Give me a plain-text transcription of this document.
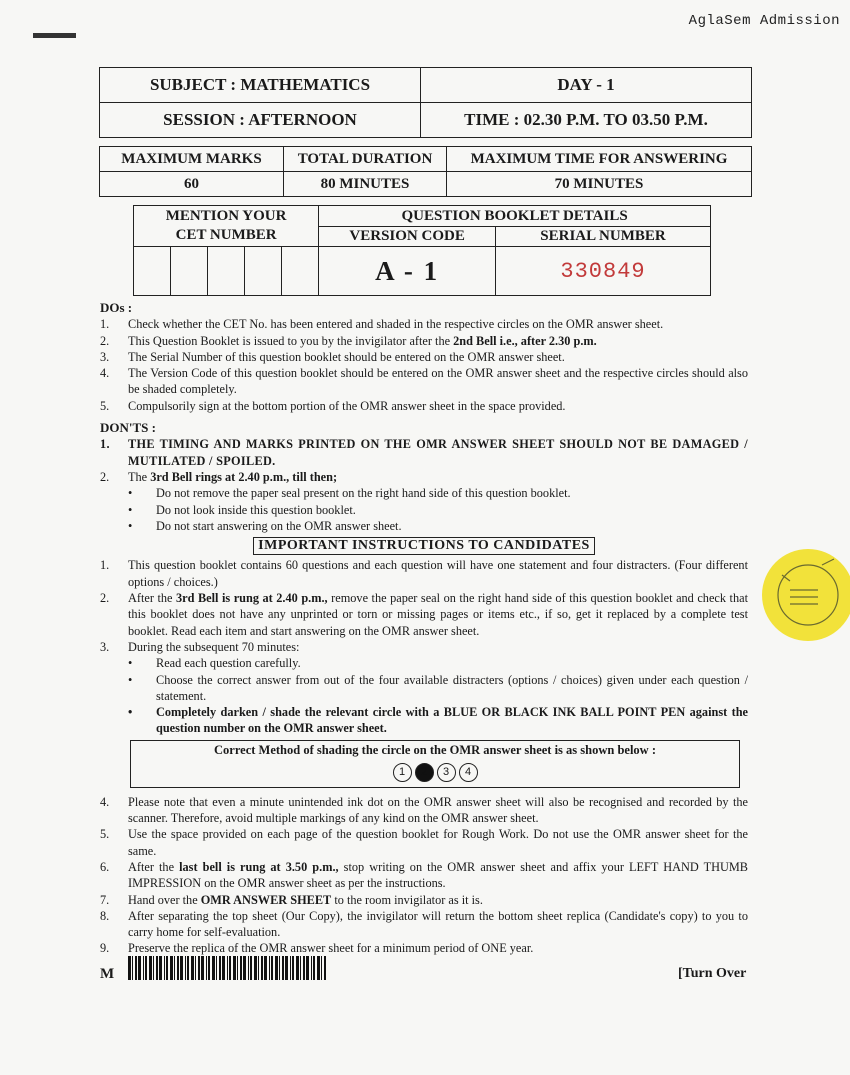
AglaSem Admission
SUBJECT : MATHEMATICS	DAY - 1
SESSION : AFTERNOON	TIME : 02.30 P.M. TO 03.50 P.M.
MAXIMUM MARKS	TOTAL DURATION	MAXIMUM TIME FOR ANSWERING
60	80 MINUTES	70 MINUTES
MENTION YOUR
CET NUMBER					QUESTION BOOKLET DETAILS	
					VERSION CODE	SERIAL NUMBER
					A - 1	330849
DOs :
1. Check whether the CET No. has been entered and shaded in the respective circles on the OMR answer sheet.
2. This Question Booklet is issued to you by the invigilator after the 2nd Bell i.e., after 2.30 p.m.
3. The Serial Number of this question booklet should be entered on the OMR answer sheet.
4. The Version Code of this question booklet should be entered on the OMR answer sheet and the respective circles should also be shaded completely.
5. Compulsorily sign at the bottom portion of the OMR answer sheet in the space provided.
DON'TS :
1. THE TIMING AND MARKS PRINTED ON THE OMR ANSWER SHEET SHOULD NOT BE DAMAGED / MUTILATED / SPOILED.
2. The 3rd Bell rings at 2.40 p.m., till then;
• Do not remove the paper seal present on the right hand side of this question booklet.
• Do not look inside this question booklet.
• Do not start answering on the OMR answer sheet.
IMPORTANT INSTRUCTIONS TO CANDIDATES
1. This question booklet contains 60 questions and each question will have one statement and four distracters. (Four different options / choices.)
2. After the 3rd Bell is rung at 2.40 p.m., remove the paper seal on the right hand side of this question booklet and check that this booklet does not have any unprinted or torn or missing pages or items etc., if so, get it replaced by a complete test booklet. Read each item and start answering on the OMR answer sheet.
3. During the subsequent 70 minutes:
• Read each question carefully.
• Choose the correct answer from out of the four available distracters (options / choices) given under each question / statement.
• Completely darken / shade the relevant circle with a BLUE OR BLACK INK BALL POINT PEN against the question number on the OMR answer sheet.
Correct Method of shading the circle on the OMR answer sheet is as shown below :
1	2	3	4
4. Please note that even a minute unintended ink dot on the OMR answer sheet will also be recognised and recorded by the scanner. Therefore, avoid multiple markings of any kind on the OMR answer sheet.
5. Use the space provided on each page of the question booklet for Rough Work. Do not use the OMR answer sheet for the same.
6. After the last bell is rung at 3.50 p.m., stop writing on the OMR answer sheet and affix your LEFT HAND THUMB IMPRESSION on the OMR answer sheet as per the instructions.
7. Hand over the OMR ANSWER SHEET to the room invigilator as it is.
8. After separating the top sheet (Our Copy), the invigilator will return the bottom sheet replica (Candidate's copy) to you to carry home for self-evaluation.
9. Preserve the replica of the OMR answer sheet for a minimum period of ONE year.
M	[Turn Over
